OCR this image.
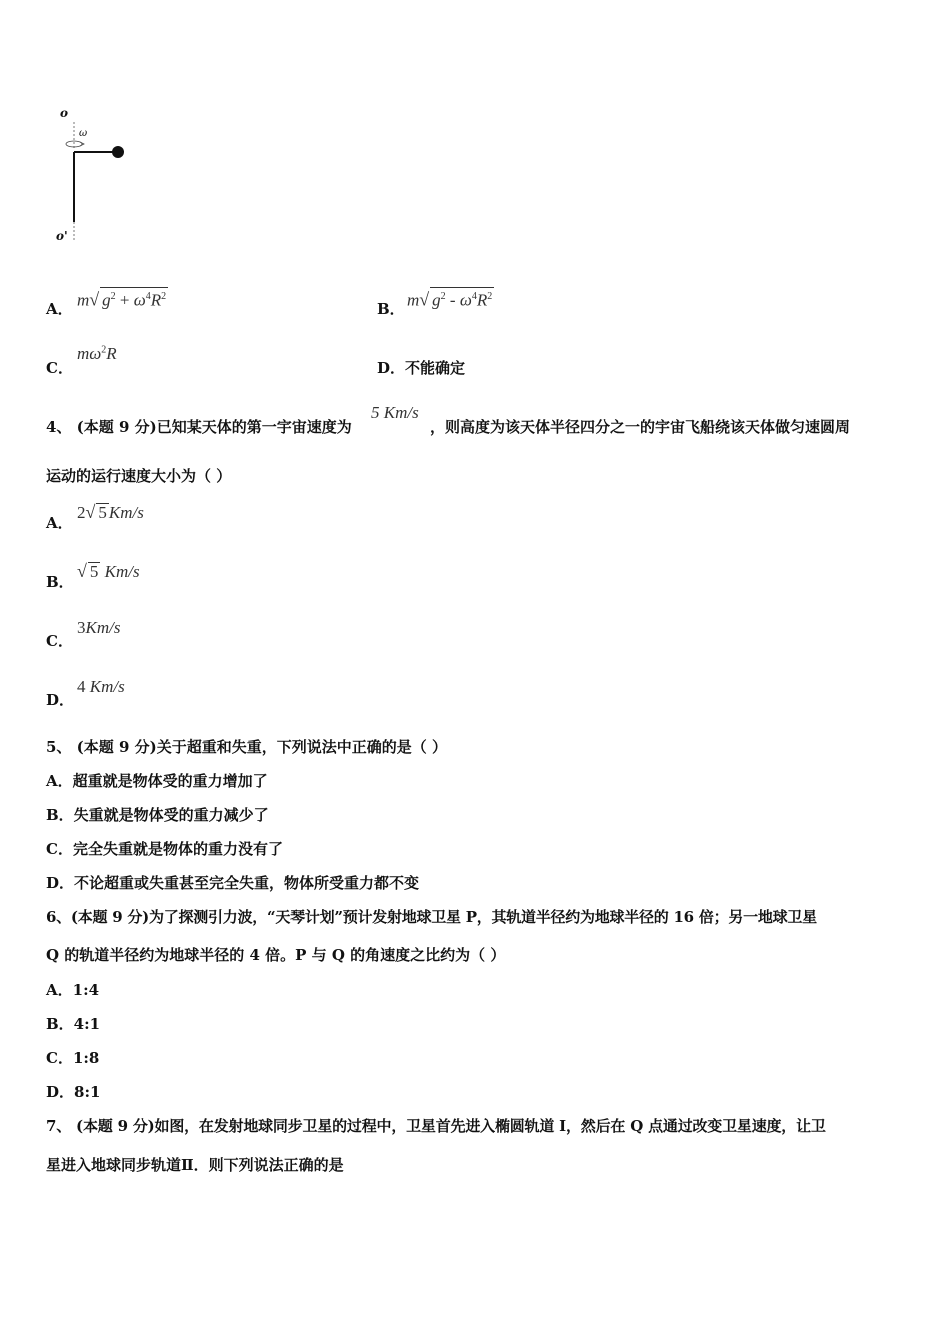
o
ω
o'
A． m√ $g^2 + \omega^4R^2$
B． m√ $g^2 - \omega^4R^2$
C．
$m\omega^2R$
D． 不能确定
4、 (本题 9 分)已知某天体的第一宇宙速度为
5 Km/s
，则高度为该天体半径四分之一的宇宙飞船绕该天体做匀速圆周
运动的运行速度大小为（ ）
A．
2√ 5 Km/s
B．
√ 5 Km/s
C．
3Km/s
D．
4 Km/s
5、 (本题 9 分)关于超重和失重，下列说法中正确的是（ ）
A．超重就是物体受的重力增加了
B．失重就是物体受的重力减少了
C．完全失重就是物体的重力没有了
D．不论超重或失重甚至完全失重，物体所受重力都不变
6、(本题 9 分)为了探测引力波，“天琴计划”预计发射地球卫星 P，其轨道半径约为地球半径的 16 倍；另一地球卫星
Q 的轨道半径约为地球半径的 4 倍。P 与 Q 的角速度之比约为（ ）
A．1:4
B．4:1
C．1:8
D．8:1
7、 (本题 9 分)如图，在发射地球同步卫星的过程中，卫星首先进入椭圆轨道 I，然后在 Q 点通过改变卫星速度，让卫
星进入地球同步轨道Ⅱ．则下列说法正确的是
